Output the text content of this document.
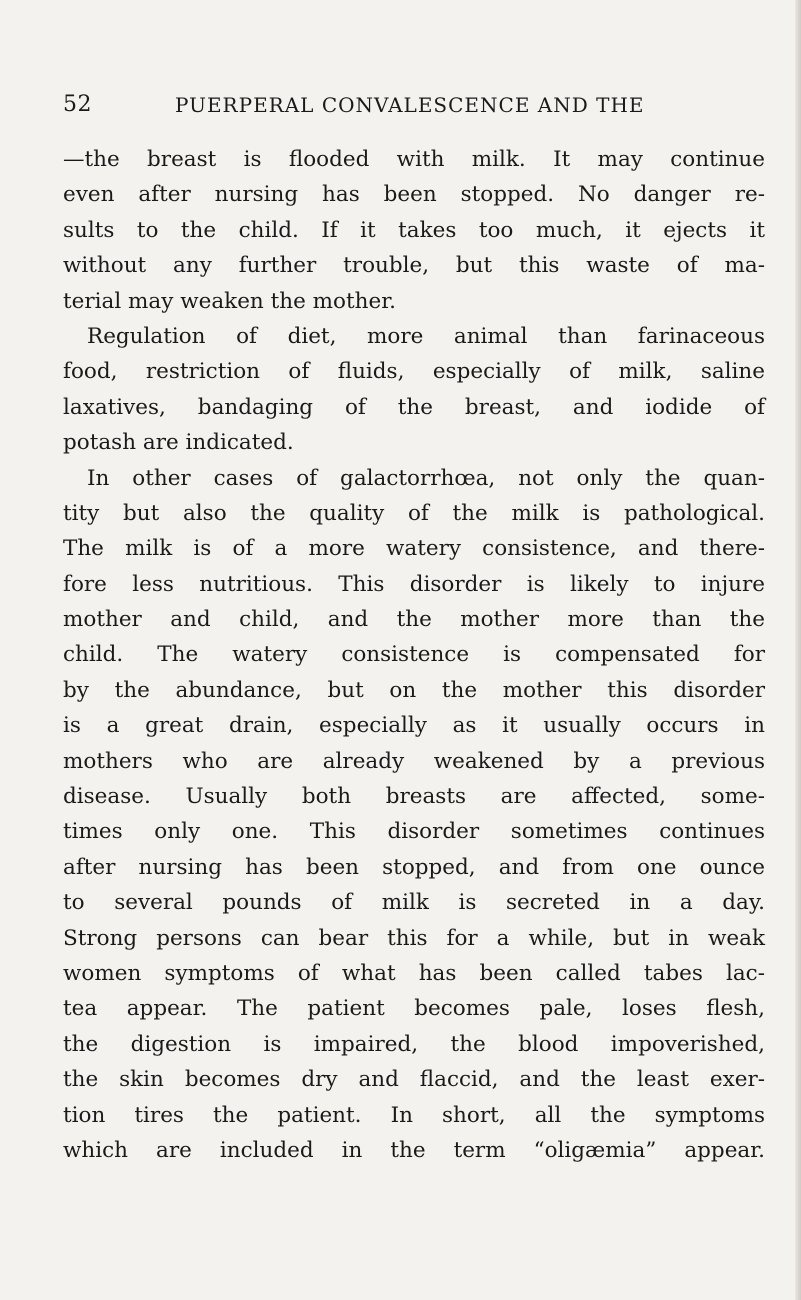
52	PUERPERAL CONVALESCENCE AND THE
—the breast is flooded with milk. It may continue
even after nursing has been stopped. No danger re-
sults to the child. If it takes too much, it ejects it
without any further trouble, but this waste of ma-
terial may weaken the mother.
Regulation of diet, more animal than farinaceous
food, restriction of fluids, especially of milk, saline
laxatives, bandaging of the breast, and iodide of
potash are indicated.
In other cases of galactorrhœa, not only the quan-
tity but also the quality of the milk is pathological.
The milk is of a more watery consistence, and there-
fore less nutritious. This disorder is likely to injure
mother and child, and the mother more than the
child. The watery consistence is compensated for
by the abundance, but on the mother this disorder
is a great drain, especially as it usually occurs in
mothers who are already weakened by a previous
disease. Usually both breasts are affected, some-
times only one. This disorder sometimes continues
after nursing has been stopped, and from one ounce
to several pounds of milk is secreted in a day.
Strong persons can bear this for a while, but in weak
women symptoms of what has been called tabes lac-
tea appear. The patient becomes pale, loses flesh,
the digestion is impaired, the blood impoverished,
the skin becomes dry and flaccid, and the least exer-
tion tires the patient. In short, all the symptoms
which are included in the term “oligæmia” appear.
